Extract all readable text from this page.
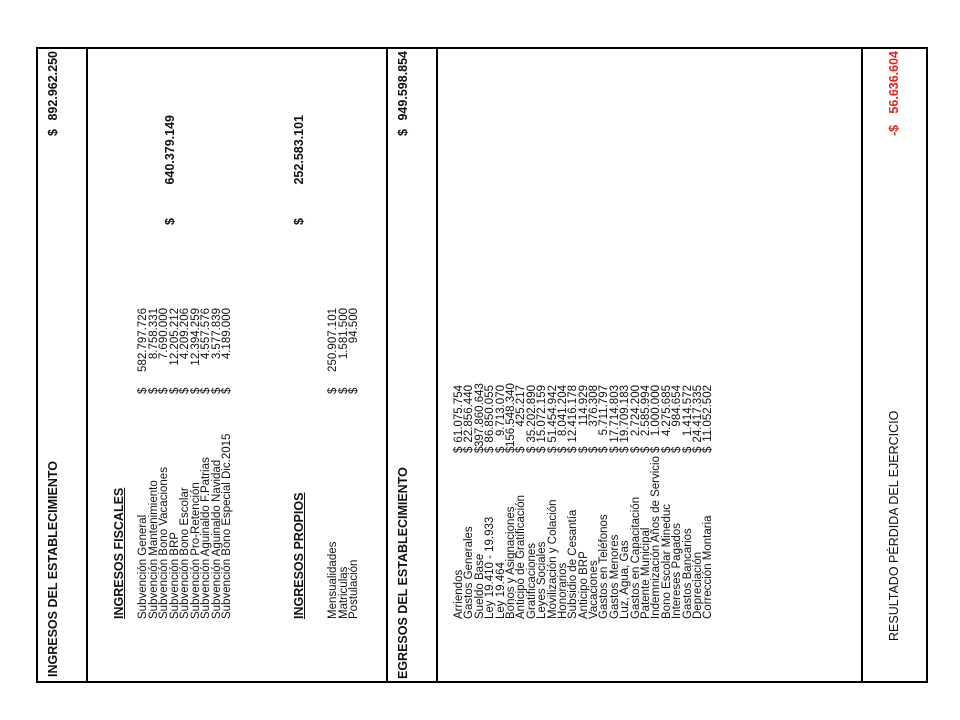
INGRESOS DEL ESTABLECIMIENTO
$
892.962.250
INGRESOS FISCALES
$
640.379.149
Subvención General
$
582.797.726
Subvención Mantenimiento
$
8.758.331
Subvención Bono Vacaciones
$
7.690.000
Subvención BRP
$
12.205.212
Subvención Bono Escolar
$
4.209.206
Subvención Pro-Retención
$
12.394.259
Subvención Aguinaldo F.Patrias
$
4.557.576
Subvención Aguinaldo Navidad
$
3.577.839
Subvención Bono Especial Dic.2015
$
4.189.000
INGRESOS PROPIOS
$
252.583.101
Mensualidades
$
250.907.101
Matriculas
$
1.581.500
Postulación
$
94.500
EGRESOS DEL ESTABLECIMIENTO
$
949.598.854
Arriendos
$
61.075.754
Gastos Generales
$
22.856.440
Sueldo Base
$
397.860.643
Ley 19.410 - 19.933
$
86.850.055
Ley 19.464
$
9.713.070
Bonos y Asignaciones
$
156.548.340
Anticipo de Gratificación
$
425.217
Gratificaciones
$
35.202.890
Leyes Sociales
$
15.072.159
Movilización y Colación
$
51.454.942
Honorarios
$
8.041.204
Subsidio de Cesantía
$
12.416.178
Anticipo BRP
$
114.929
Vacaciones
$
376.308
Gastos en Teléfonos
$
5.711.797
Gastos Menores
$
17.714.803
Luz, Agua, Gas
$
19.709.183
Gastos en Capacitación
$
2.724.200
Patente Municipal
$
2.585.994
Indemnización Años de Servicio
$
1.000.000
Bono Escolar Mineduc
$
4.275.685
Intereses Pagados
$
984.654
Gastos Bancarios
$
1.414.572
Depreciación
$
24.417.335
Corrección Montaria
$
11.052.502	RESULTADO PÉRDIDA DEL EJERCICIO
-$
56.636.604
